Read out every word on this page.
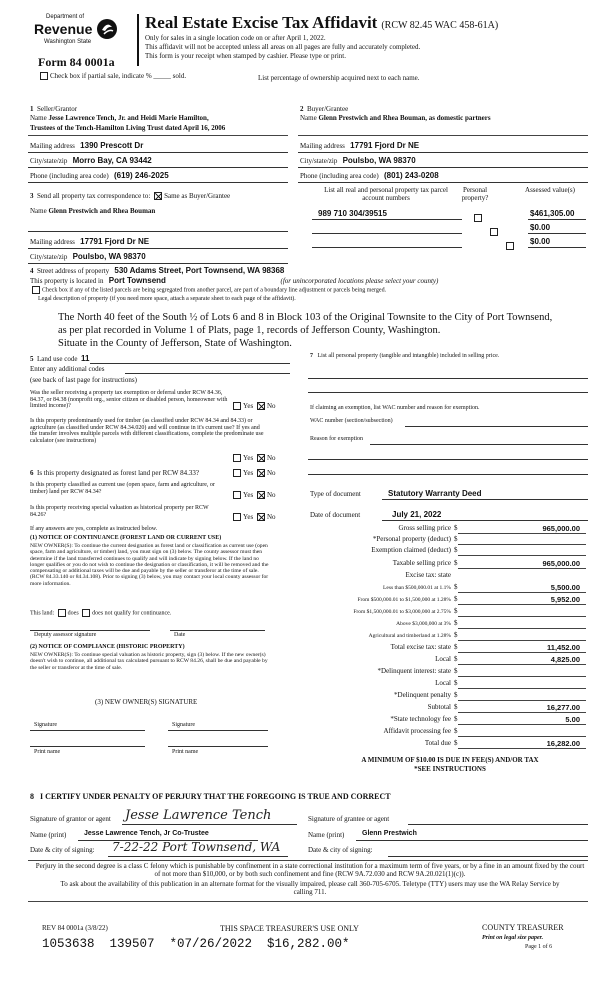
Department of
Revenue
Washington State
Real Estate Excise Tax Affidavit (RCW 82.45 WAC 458-61A)
Only for sales in a single location code on or after April 1, 2022.
This affidavit will not be accepted unless all areas on all pages are fully and accurately completed.
This form is your receipt when stamped by cashier. Please type or print.
Form 84 0001a
Check box if partial sale, indicate % _____ sold.	List percentage of ownership acquired next to each name.
1 Seller/Grantor
Name Jesse Lawrence Tench, Jr. and Heidi Marie Hamilton,
Trustees of the Tench-Hamilton Living Trust dated April 16, 2006
Mailing address 1390 Prescott Dr
City/state/zip Morro Bay, CA 93442
Phone (including area code) (619) 246-2025
2 Buyer/Grantee
Name Glenn Prestwich and Rhea Bouman, as domestic partners
Mailing address 17791 Fjord Dr NE
City/state/zip Poulsbo, WA 98370
Phone (including area code) (801) 243-0208
3 Send all property tax correspondence to: Same as Buyer/Grantee
Name Glenn Prestwich and Rhea Bouman
Mailing address 17791 Fjord Dr NE
City/state/zip Poulsbo, WA 98370
List all real and personal property tax parcel account numbers
Personal property?
Assessed value(s)
989 710 304/39515
	$461,305.00

$0.00
$0.00
4 Street address of property 530 Adams Street, Port Townsend, WA 98368
This property is located in Port Townsend	(for unincorporated locations please select your county)
Check box if any of the listed parcels are being segregated from another parcel, are part of a boundary line adjustment or parcels being merged.
Legal description of property (if you need more space, attach a separate sheet to each page of the affidavit).
The North 40 feet of the South ½ of Lots 6 and 8 in Block 103 of the Original Townsite to the City of Port Townsend,
as per plat recorded in Volume 1 of Plats, page 1, records of Jefferson County, Washington.
Situate in the County of Jefferson, State of Washington.
5 Land use code 11
Enter any additional codes
(see back of last page for instructions)
Was the seller receiving a property tax exemption or deferral under RCW 84.36, 84.37, or 84.38 (nonprofit org., senior citizen or disabled person, homeowner with limited income)?	Yes No
Is this property predominantly used for timber (as classified under RCW 84.34 and 84.33) or agriculture (as classified under RCW 84.34.020) and will continue in it's current use? If yes and the transfer involves multiple parcels with different classifications, complete the predominate use calculator (see instructions)
Yes No
6 Is this property designated as forest land per RCW 84.33?	Yes No
Is this property classified as current use (open space, farm and agriculture, or timber) land per RCW 84.34?	Yes No
Is this property receiving special valuation as historical property per RCW 84.26?	Yes No
If any answers are yes, complete as instructed below.
(1) NOTICE OF CONTINUANCE (FOREST LAND OR CURRENT USE)
NEW OWNER(S): To continue the current designation as forest land or classification as current use (open space, farm and agriculture, or timber) land, you must sign on (3) below. The county assessor must then determine if the land transferred continues to qualify and will indicate by signing below. If the land no longer qualifies or you do not wish to continue the designation or classification, it will be removed and the compensating or additional taxes will be due and payable by the seller or transferor at the time of sale. (RCW 84.33.140 or 84.34.108). Prior to signing (3) below, you may contact your local county assessor for more information.
This land: does does not qualify for continuance.
Deputy assessor signature	Date
(2) NOTICE OF COMPLIANCE (HISTORIC PROPERTY)
NEW OWNER(S): To continue special valuation as historic property, sign (3) below. If the new owner(s) doesn't wish to continue, all additional tax calculated pursuant to RCW 84.26, shall be due and payable by the seller or transferor at the time of sale.
(3) NEW OWNER(S) SIGNATURE
Signature	Signature
Print name	Print name
7 List all personal property (tangible and intangible) included in selling price.
If claiming an exemption, list WAC number and reason for exemption.
WAC number (section/subsection)
Reason for exemption
Type of document	Statutory Warranty Deed
Date of document	July 21, 2022
Gross selling price $	965,000.00
*Personal property (deduct) $
Exemption claimed (deduct) $
Taxable selling price $	965,000.00
Excise tax: state
Less than $500,000.01 at 1.1% $	5,500.00
From $500,000.01 to $1,500,000 at 1.28% $	5,952.00
From $1,500,000.01 to $3,000,000 at 2.75% $
Above $3,000,000 at 3% $
Agricultural and timberland at 1.28% $
Total excise tax: state $	11,452.00
Local $	4,825.00
*Delinquent interest: state $
Local $
*Delinquent penalty $
Subtotal $	16,277.00
*State technology fee $	5.00
Affidavit processing fee $
Total due $	16,282.00
A MINIMUM OF $10.00 IS DUE IN FEE(S) AND/OR TAX
*SEE INSTRUCTIONS
8 I CERTIFY UNDER PENALTY OF PERJURY THAT THE FOREGOING IS TRUE AND CORRECT
Signature of grantor or agent Jesse Lawrence Tench	Signature of grantee or agent
Name (print)	Jesse Lawrence Tench, Jr Co-Trustee	Name (print)	Glenn Prestwich
Date & city of signing: 7-22-22 Port Townsend, WA	Date & city of signing:
Perjury in the second degree is a class C felony which is punishable by confinement in a state correctional institution for a maximum term of five years, or by a fine in an amount fixed by the court of not more than $10,000, or by both such confinement and fine (RCW 9A.72.030 and RCW 9A.20.021(1)(c)).
To ask about the availability of this publication in an alternate format for the visually impaired, please call 360-705-6705. Teletype (TTY) users may use the WA Relay Service by calling 711.
REV 84 0001a (3/8/22)	THIS SPACE TREASURER'S USE ONLY	COUNTY TREASURER
Print on legal size paper.
Page 1 of 6
1053638  139507  *07/26/2022  $16,282.00*
